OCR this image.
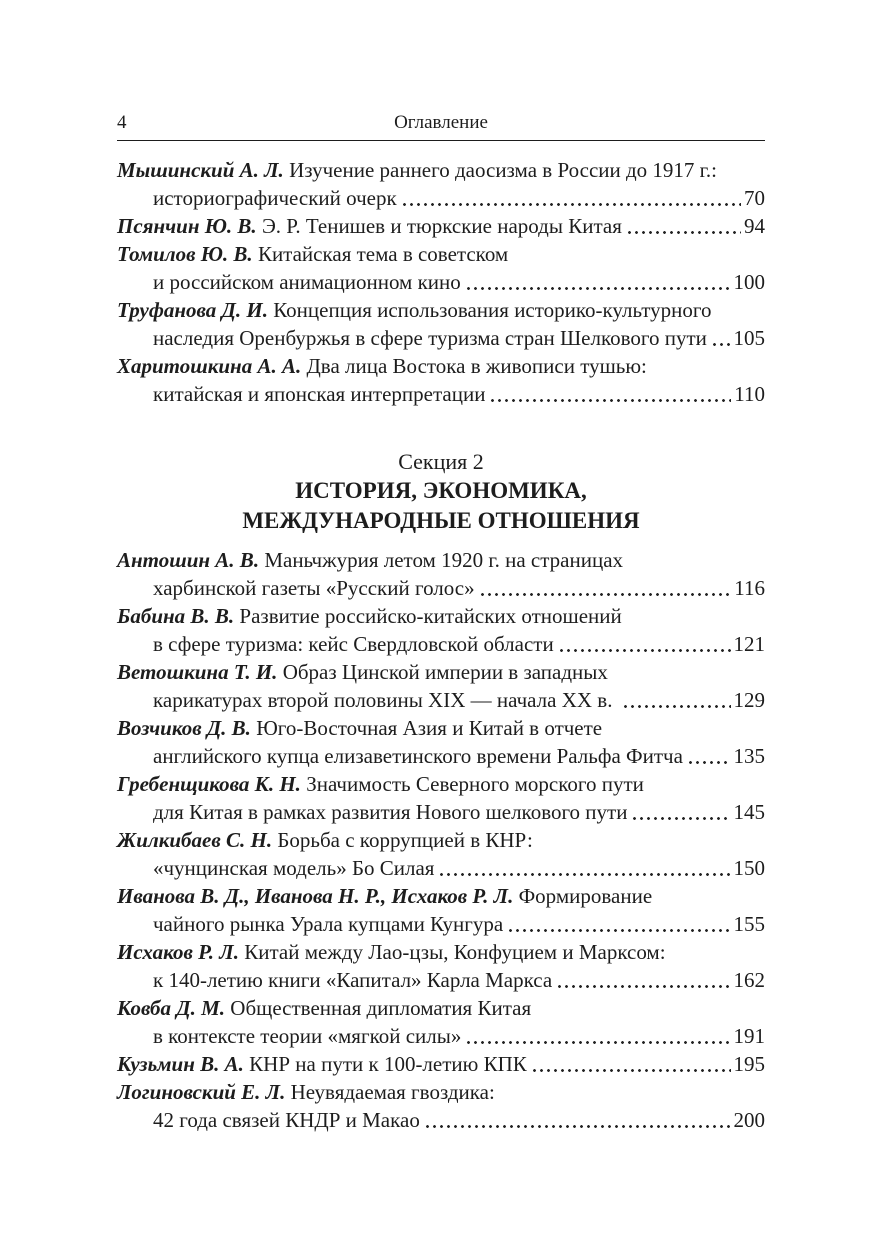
4	Оглавление
Мышинский А. Л. Изучение раннего даосизма в России до 1917 г.:
историографический очерк	70
Псянчин Ю. В. Э. Р. Тенишев и тюркские народы Китая	94
Томилов Ю. В. Китайская тема в советском
и российском анимационном кино	100
Труфанова Д. И. Концепция использования историко-культурного
наследия Оренбуржья в сфере туризма стран Шелкового пути 105
Харитошкина А. А. Два лица Востока в живописи тушью:
китайская и японская интерпретации	110
Секция 2
ИСТОРИЯ, ЭКОНОМИКА,
МЕЖДУНАРОДНЫЕ ОТНОШЕНИЯ
Антошин А. В. Маньчжурия летом 1920 г. на страницах
харбинской газеты «Русский голос»	116
Бабина В. В. Развитие российско-китайских отношений
в сфере туризма: кейс Свердловской области	121
Ветошкина Т. И. Образ Цинской империи в западных
карикатурах второй половины XIX — начала XX в.	129
Возчиков Д. В. Юго-Восточная Азия и Китай в отчете
английского купца елизаветинского времени Ральфа Фитча 135
Гребенщикова К. Н. Значимость Северного морского пути
для Китая в рамках развития Нового шелкового пути	145
Жилкибаев С. Н. Борьба с коррупцией в КНР:
«чунцинская модель» Бо Силая	150
Иванова В. Д., Иванова Н. Р., Исхаков Р. Л. Формирование
чайного рынка Урала купцами Кунгура	155
Исхаков Р. Л. Китай между Лао-цзы, Конфуцием и Марксом:
к 140-летию книги «Капитал» Карла Маркса	162
Ковба Д. М. Общественная дипломатия Китая
в контексте теории «мягкой силы»	191
Кузьмин В. А. КНР на пути к 100-летию КПК	195
Логиновский Е. Л. Неувядаемая гвоздика:
42 года связей КНДР и Макао	200
